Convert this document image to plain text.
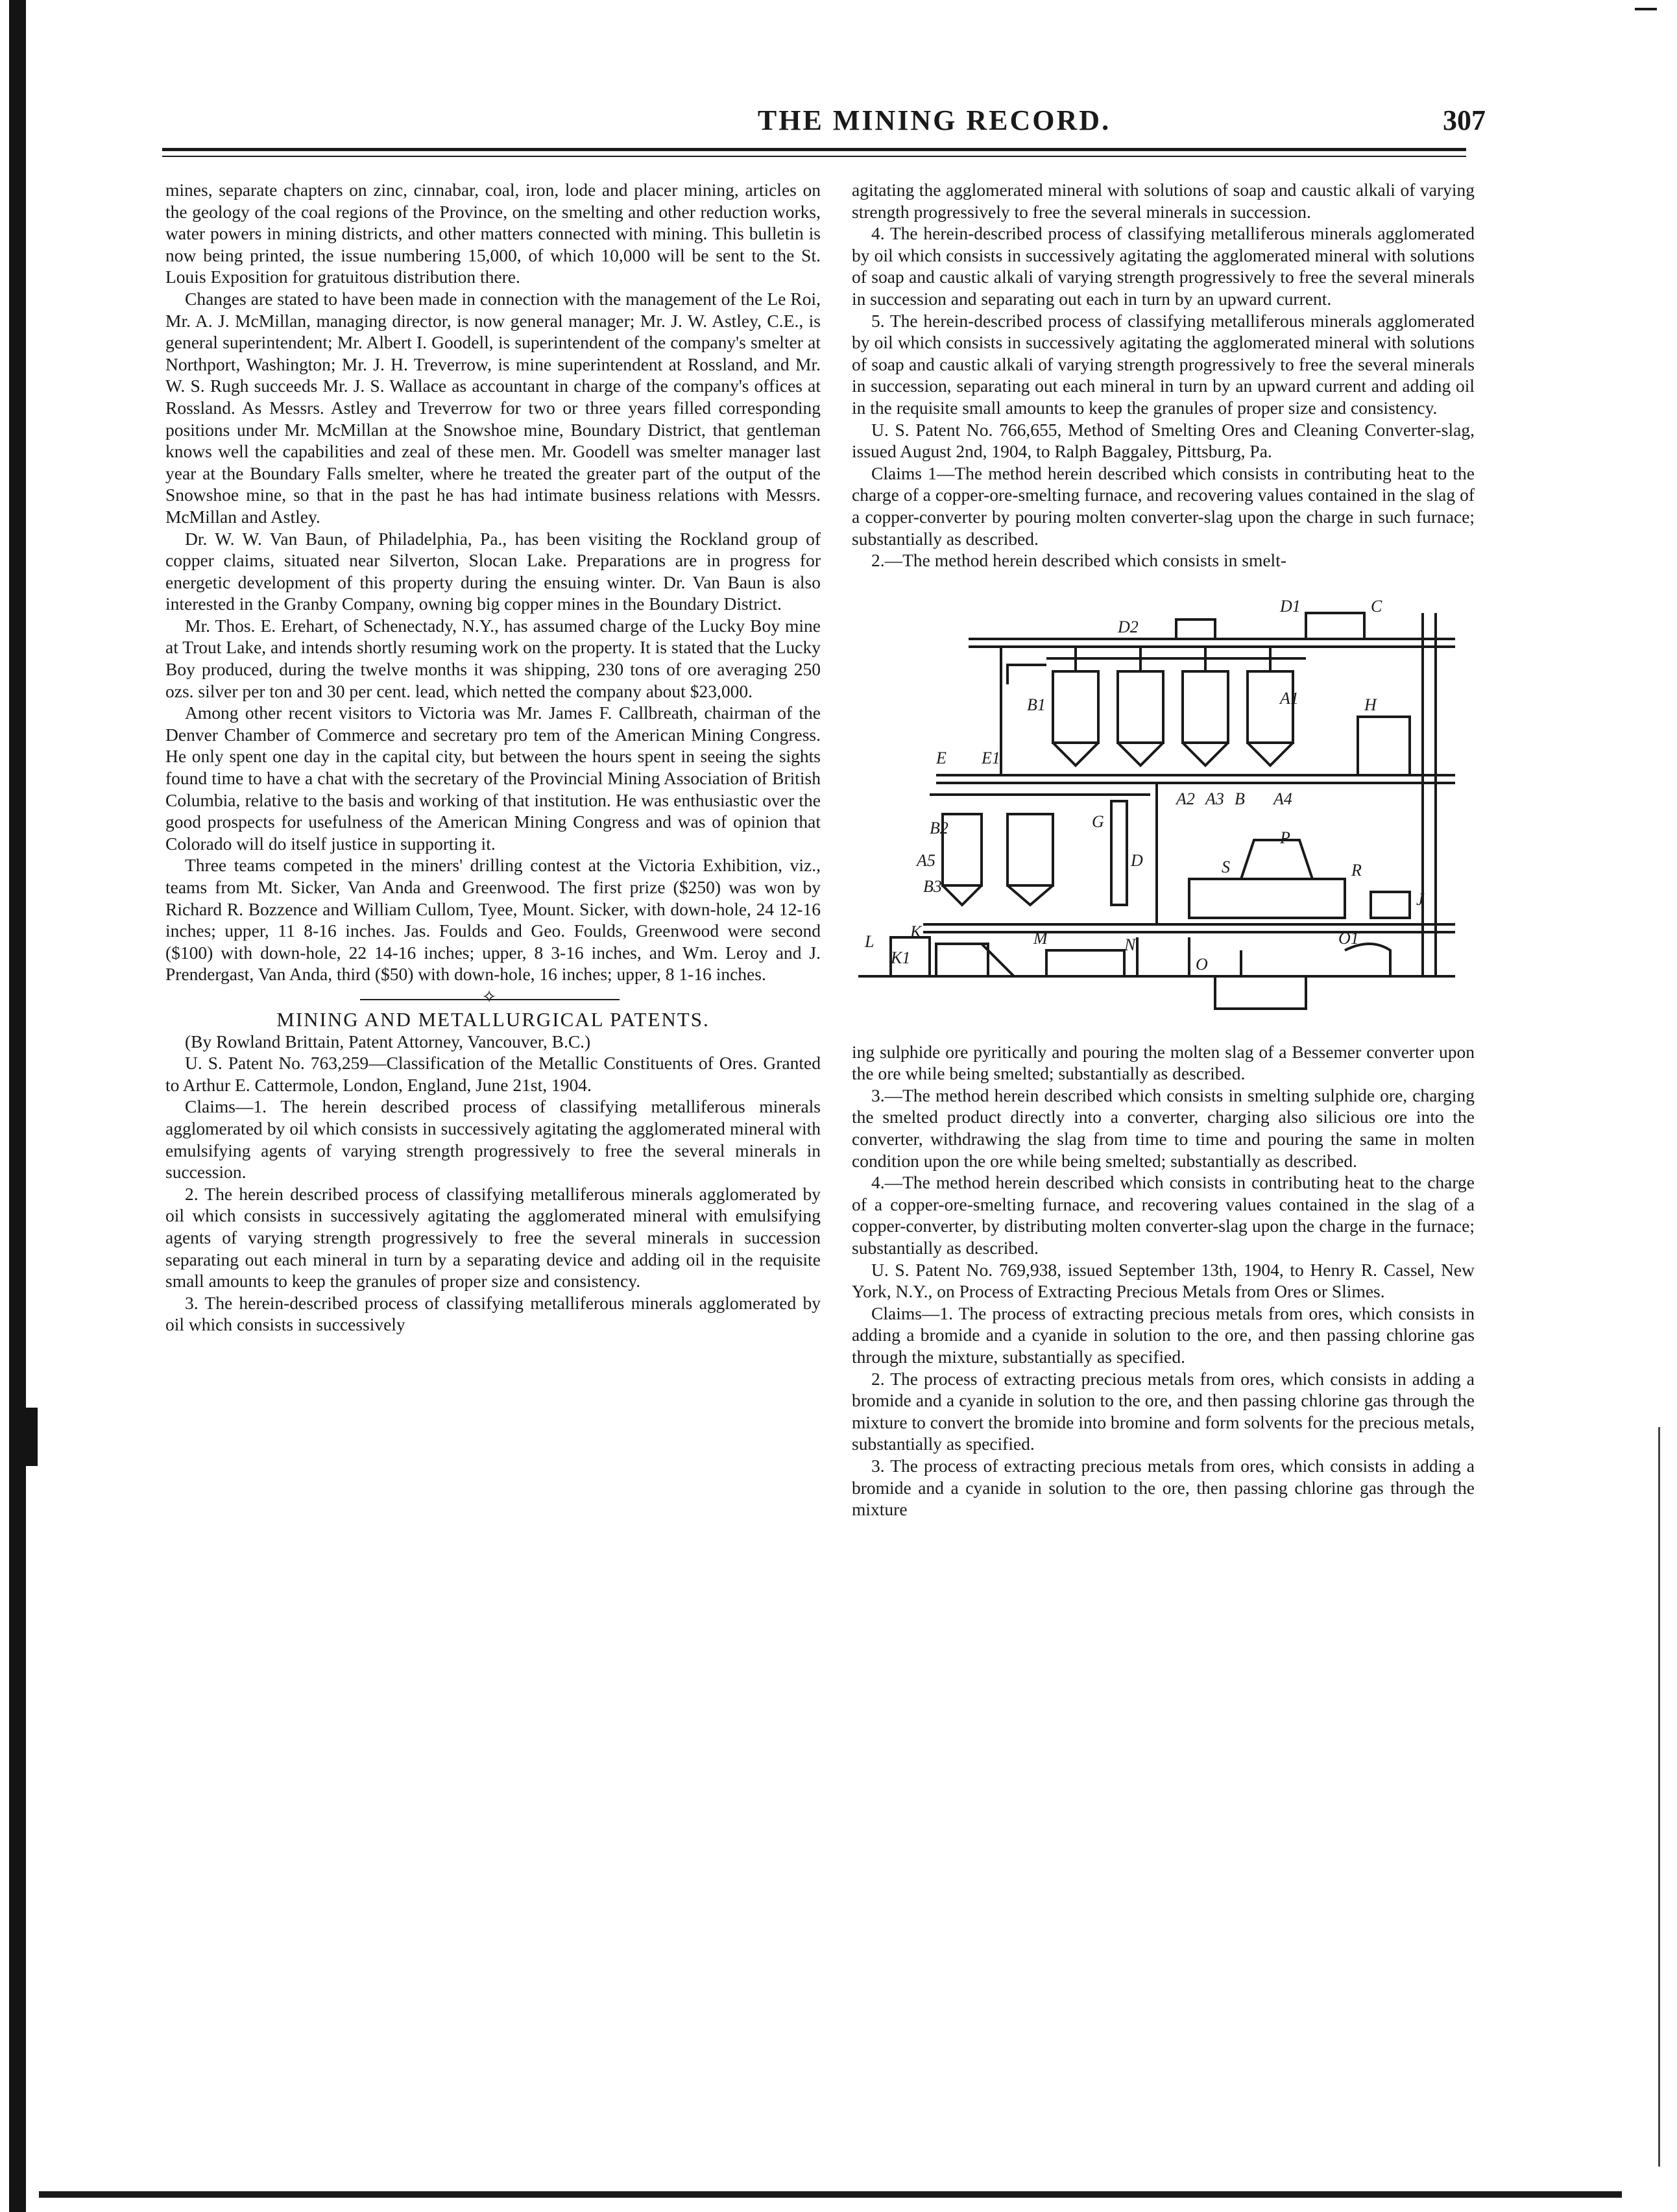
THE MINING RECORD.	307

mines, separate chapters on zinc, cinnabar, coal, iron, lode and placer mining, articles on the geology of the coal regions of the Province, on the smelting and other reduction works, water powers in mining districts, and other matters connected with mining. This bulletin is now being printed, the issue numbering 15,000, of which 10,000 will be sent to the St. Louis Exposition for gratuitous distribution there.

Changes are stated to have been made in connection with the management of the Le Roi, Mr. A. J. McMillan, managing director, is now general manager; Mr. J. W. Astley, C.E., is general superintendent; Mr. Albert I. Goodell, is superintendent of the company's smelter at Northport, Washington; Mr. J. H. Treverrow, is mine superintendent at Rossland, and Mr. W. S. Rugh succeeds Mr. J. S. Wallace as accountant in charge of the company's offices at Rossland. As Messrs. Astley and Treverrow for two or three years filled corresponding positions under Mr. McMillan at the Snowshoe mine, Boundary District, that gentleman knows well the capabilities and zeal of these men. Mr. Goodell was smelter manager last year at the Boundary Falls smelter, where he treated the greater part of the output of the Snowshoe mine, so that in the past he has had intimate business relations with Messrs. McMillan and Astley.

Dr. W. W. Van Baun, of Philadelphia, Pa., has been visiting the Rockland group of copper claims, situated near Silverton, Slocan Lake. Preparations are in progress for energetic development of this property during the ensuing winter. Dr. Van Baun is also interested in the Granby Company, owning big copper mines in the Boundary District.

Mr. Thos. E. Erehart, of Schenectady, N.Y., has assumed charge of the Lucky Boy mine at Trout Lake, and intends shortly resuming work on the property. It is stated that the Lucky Boy produced, during the twelve months it was shipping, 230 tons of ore averaging 250 ozs. silver per ton and 30 per cent. lead, which netted the company about $23,000.

Among other recent visitors to Victoria was Mr. James F. Callbreath, chairman of the Denver Chamber of Commerce and secretary pro tem of the American Mining Congress. He only spent one day in the capital city, but between the hours spent in seeing the sights found time to have a chat with the secretary of the Provincial Mining Association of British Columbia, relative to the basis and working of that institution. He was enthusiastic over the good prospects for usefulness of the American Mining Congress and was of opinion that Colorado will do itself justice in supporting it.

Three teams competed in the miners' drilling contest at the Victoria Exhibition, viz., teams from Mt. Sicker, Van Anda and Greenwood. The first prize ($250) was won by Richard R. Bozzence and William Cullom, Tyee, Mount. Sicker, with down-hole, 24 12-16 inches; upper, 11 8-16 inches. Jas. Foulds and Geo. Foulds, Greenwood were second ($100) with down-hole, 22 14-16 inches; upper, 8 3-16 inches, and Wm. Leroy and J. Prendergast, Van Anda, third ($50) with down-hole, 16 inches; upper, 8 1-16 inches.

✧

MINING AND METALLURGICAL PATENTS.

(By Rowland Brittain, Patent Attorney, Vancouver, B.C.)

U. S. Patent No. 763,259—Classification of the Metallic Constituents of Ores. Granted to Arthur E. Cattermole, London, England, June 21st, 1904.

Claims—1. The herein described process of classifying metalliferous minerals agglomerated by oil which consists in successively agitating the agglomerated mineral with emulsifying agents of varying strength progressively to free the several minerals in succession.

2. The herein described process of classifying metalliferous minerals agglomerated by oil which consists in successively agitating the agglomerated mineral with emulsifying agents of varying strength progressively to free the several minerals in succession separating out each mineral in turn by a separating device and adding oil in the requisite small amounts to keep the granules of proper size and consistency.

3. The herein-described process of classifying metalliferous minerals agglomerated by oil which consists in successively

agitating the agglomerated mineral with solutions of soap and caustic alkali of varying strength progressively to free the several minerals in succession.

4. The herein-described process of classifying metalliferous minerals agglomerated by oil which consists in successively agitating the agglomerated mineral with solutions of soap and caustic alkali of varying strength progressively to free the several minerals in succession and separating out each in turn by an upward current.

5. The herein-described process of classifying metalliferous minerals agglomerated by oil which consists in successively agitating the agglomerated mineral with solutions of soap and caustic alkali of varying strength progressively to free the several minerals in succession, separating out each mineral in turn by an upward current and adding oil in the requisite small amounts to keep the granules of proper size and consistency.

U. S. Patent No. 766,655, Method of Smelting Ores and Cleaning Converter-slag, issued August 2nd, 1904, to Ralph Baggaley, Pittsburg, Pa.

Claims 1—The method herein described which consists in contributing heat to the charge of a copper-ore-smelting furnace, and recovering values contained in the slag of a copper-converter by pouring molten converter-slag upon the charge in such furnace; substantially as described.

2.—The method herein described which consists in smelt-

D1
D2
C
A1
B1	H
E E1
A2 A3 B A4
B2
A5
B3
G
D
P
R
S
L
K
K1
M	N
O
O1
J

ing sulphide ore pyritically and pouring the molten slag of a Bessemer converter upon the ore while being smelted; substantially as described.

3.—The method herein described which consists in smelting sulphide ore, charging the smelted product directly into a converter, charging also silicious ore into the converter, withdrawing the slag from time to time and pouring the same in molten condition upon the ore while being smelted; substantially as described.

4.—The method herein described which consists in contributing heat to the charge of a copper-ore-smelting furnace, and recovering values contained in the slag of a copper-converter, by distributing molten converter-slag upon the charge in the furnace; substantially as described.

U. S. Patent No. 769,938, issued September 13th, 1904, to Henry R. Cassel, New York, N.Y., on Process of Extracting Precious Metals from Ores or Slimes.

Claims—1. The process of extracting precious metals from ores, which consists in adding a bromide and a cyanide in solution to the ore, and then passing chlorine gas through the mixture, substantially as specified.

2. The process of extracting precious metals from ores, which consists in adding a bromide and a cyanide in solution to the ore, and then passing chlorine gas through the mixture to convert the bromide into bromine and form solvents for the precious metals, substantially as specified.

3. The process of extracting precious metals from ores, which consists in adding a bromide and a cyanide in solution to the ore, then passing chlorine gas through the mixture
